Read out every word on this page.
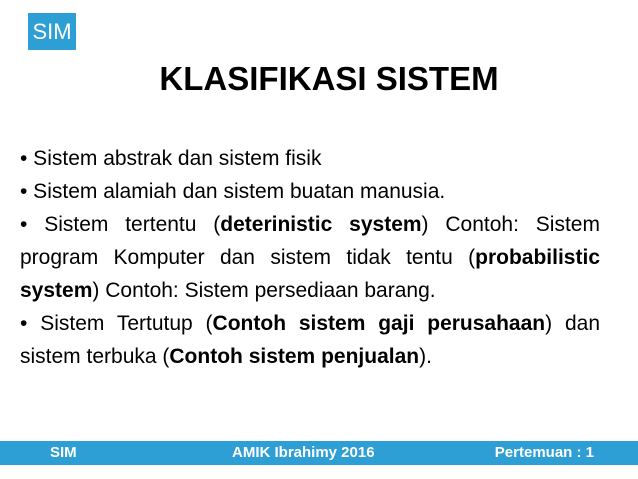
SIM
KLASIFIKASI SISTEM

• Sistem abstrak dan sistem fisik

• Sistem alamiah dan sistem buatan manusia.

• Sistem tertentu (deterinistic system) Contoh: Sistem program Komputer dan sistem tidak tentu (probabilistic system) Contoh: Sistem persediaan barang.

• Sistem Tertutup (Contoh sistem gaji perusahaan) dan sistem terbuka (Contoh sistem penjualan).

SIM	AMIK Ibrahimy 2016	Pertemuan : 1
